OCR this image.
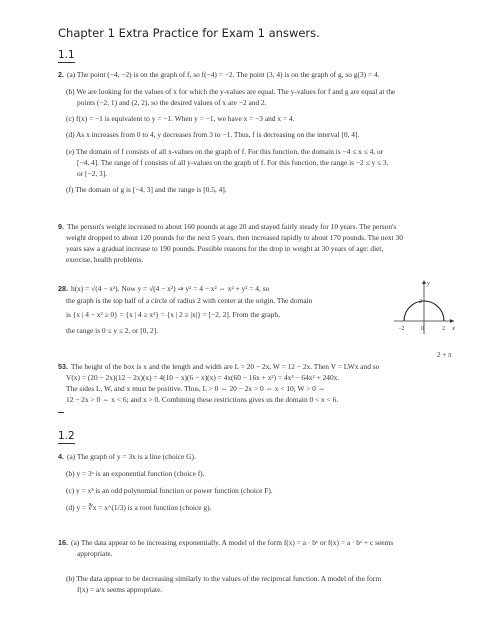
Chapter 1 Extra Practice for Exam 1 answers.
1.1
2. (a) The point (−4, −2) is on the graph of f, so f(−4) = −2. The point (3, 4) is on the graph of g, so g(3) = 4.
(b) We are looking for the values of x for which the y-values are equal. The y-values for f and g are equal at the
points (−2, 1) and (2, 2), so the desired values of x are −2 and 2.
(c) f(x) = −1 is equivalent to y = −1. When y = −1, we have x = −3 and x = 4.
(d) As x increases from 0 to 4, y decreases from 3 to −1. Thus, f is decreasing on the interval [0, 4].
(e) The domain of f consists of all x-values on the graph of f. For this function, the domain is −4 ≤ x ≤ 4, or
[−4, 4]. The range of f consists of all y-values on the graph of f. For this function, the range is −2 ≤ y ≤ 3,
or [−2, 3].
(f) The domain of g is [−4, 3] and the range is [0.5, 4].
9. The person's weight increased to about 160 pounds at age 20 and stayed fairly steady for 10 years. The person's
weight dropped to about 120 pounds for the next 5 years, then increased rapidly to about 170 pounds. The next 30
years saw a gradual increase to 190 pounds. Possible reasons for the drop in weight at 30 years of age: diet,
exercise, health problems.
28. h(x) = √(4 − x²). Now y = √(4 − x²) ⇒ y² = 4 − x² ⇔ x² + y² = 4, so
the graph is the top half of a circle of radius 2 with center at the origin. The domain
is {x | 4 − x² ≥ 0} = {x | 4 ≥ x²} = {x | 2 ≥ |x|} = [−2, 2]. From the graph,
the range is 0 ≤ y ≤ 2, or [0, 2].
y
x
2
−2	0	2
2 + π
53. The height of the box is x and the length and width are L = 20 − 2x, W = 12 − 2x. Then V = LWx and so
V(x) = (20 − 2x)(12 − 2x)(x) = 4(10 − x)(6 − x)(x) = 4x(60 − 16x + x²) = 4x³ − 64x² + 240x.
The sides L, W, and x must be positive. Thus, L > 0 ⇔ 20 − 2x > 0 ⇔ x < 10; W > 0 ⇔
12 − 2x > 0 ⇔ x < 6; and x > 0. Combining these restrictions gives us the domain 0 < x < 6.
1.2
4. (a) The graph of y = 3x is a line (choice G).
(b) y = 3ˣ is an exponential function (choice f).
(c) y = x³ is an odd polynomial function or power function (choice F).
(d) y = ∛x = x^(1/3) is a root function (choice g).
16. (a) The data appear to be increasing exponentially. A model of the form f(x) = a · bˣ or f(x) = a · bˣ + c seems
appropriate.
(b) The data appear to be decreasing similarly to the values of the reciprocal function. A model of the form
f(x) = a/x seems appropriate.
